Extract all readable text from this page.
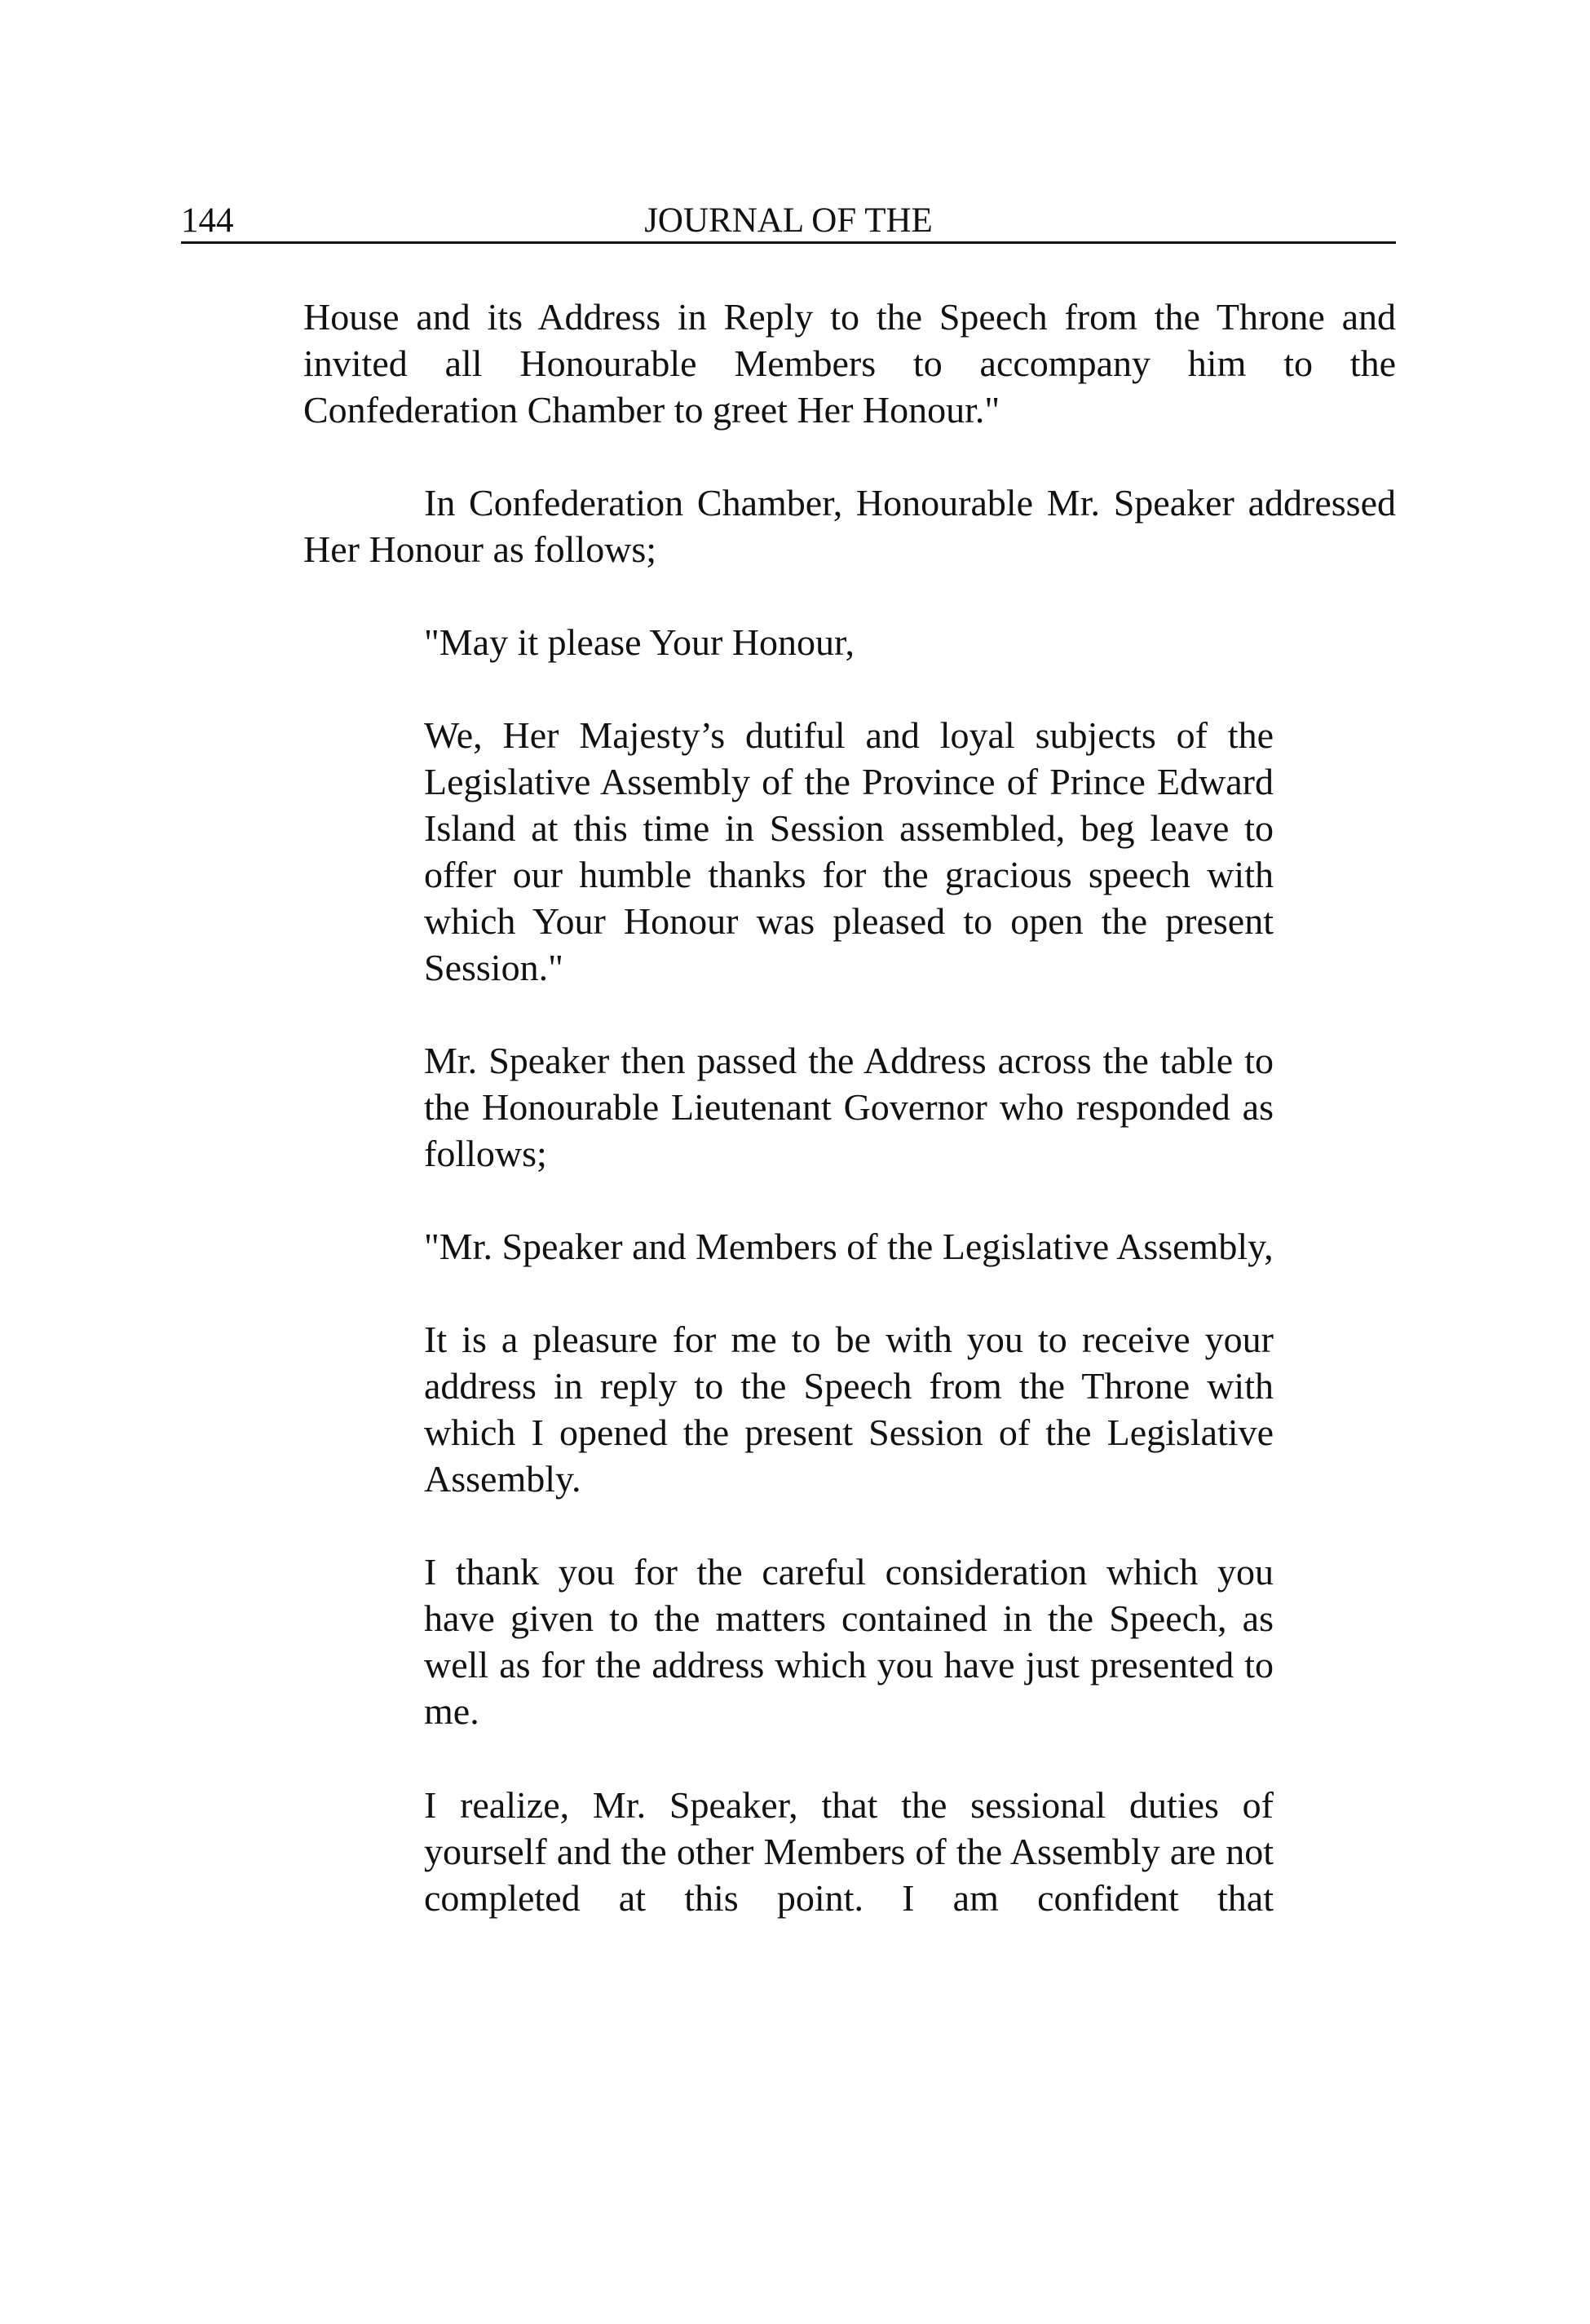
144	JOURNAL OF THE

House and its Address in Reply to the Speech from the Throne and invited all Honourable Members to accompany him to the Confederation Chamber to greet Her Honour."

In Confederation Chamber, Honourable Mr. Speaker addressed Her Honour as follows;

"May it please Your Honour,

We, Her Majesty’s dutiful and loyal subjects of the Legislative Assembly of the Province of Prince Edward Island at this time in Session assembled, beg leave to offer our humble thanks for the gracious speech with which Your Honour was pleased to open the present Session."

Mr. Speaker then passed the Address across the table to the Honourable Lieutenant Governor who responded as follows;

"Mr. Speaker and Members of the Legislative Assembly,

It is a pleasure for me to be with you to receive your address in reply to the Speech from the Throne with which I opened the present Session of the Legislative Assembly.

I thank you for the careful consideration which you have given to the matters contained in the Speech, as well as for the address which you have just presented to me.

I realize, Mr. Speaker, that the sessional duties of yourself and the other Members of the Assembly are not completed at this point. I am confident that
